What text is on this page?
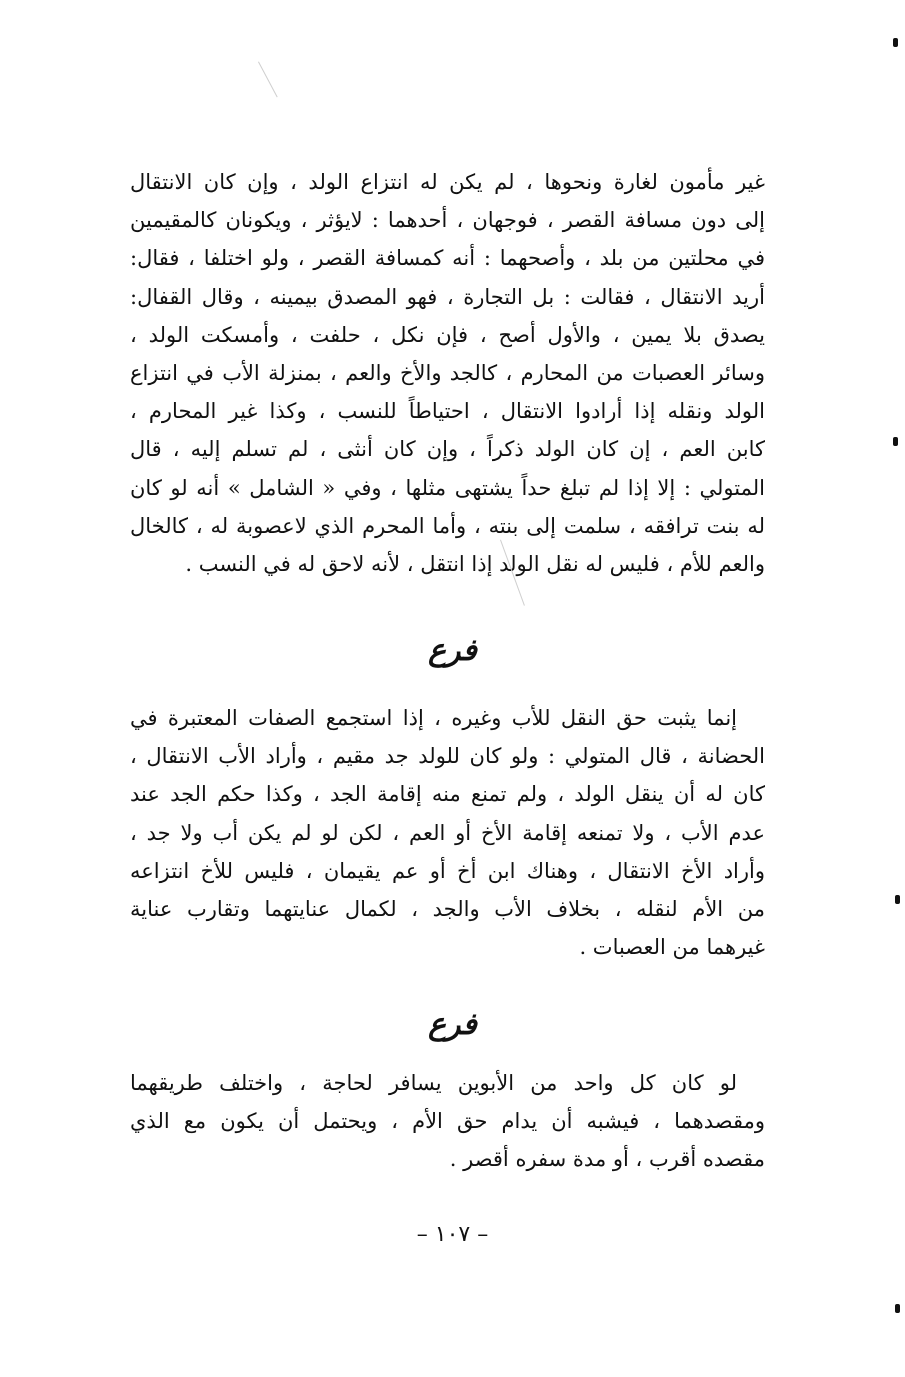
غير مأمون لغارة ونحوها ، لم يكن له انتزاع الولد ، وإن كان الانتقال
إلى دون مسافة القصر ، فوجهان ، أحدهما : لايؤثر ، ويكونان كالمقيمين
في محلتين من بلد ، وأصحهما : أنه كمسافة القصر ، ولو اختلفا ، فقال:
أريد الانتقال ، فقالت : بل التجارة ، فهو المصدق بيمينه ، وقال القفال:
يصدق بلا يمين ، والأول أصح ، فإن نكل ، حلفت ، وأمسكت الولد ،
وسائر العصبات من المحارم ، كالجد والأخ والعم ، بمنزلة الأب في انتزاع
الولد ونقله إذا أرادوا الانتقال ، احتياطاً للنسب ، وكذا غير المحارم ،
كابن العم ، إن كان الولد ذكراً ، وإن كان أنثى ، لم تسلم إليه ، قال
المتولي : إلا إذا لم تبلغ حداً يشتهى مثلها ، وفي « الشامل » أنه لو كان
له بنت ترافقه ، سلمت إلى بنته ، وأما المحرم الذي لاعصوبة له ، كالخال
والعم للأم ، فليس له نقل الولد إذا انتقل ، لأنه لاحق له في النسب .
فرع
إنما يثبت حق النقل للأب وغيره ، إذا استجمع الصفات المعتبرة في
الحضانة ، قال المتولي : ولو كان للولد جد مقيم ، وأراد الأب الانتقال ،
كان له أن ينقل الولد ، ولم تمنع منه إقامة الجد ، وكذا حكم الجد عند
عدم الأب ، ولا تمنعه إقامة الأخ أو العم ، لكن لو لم يكن أب ولا جد ،
وأراد الأخ الانتقال ، وهناك ابن أخ أو عم يقيمان ، فليس للأخ انتزاعه
من الأم لنقله ، بخلاف الأب والجد ، لكمال عنايتهما وتقارب عناية
غيرهما من العصبات .
فرع
لو كان كل واحد من الأبوين يسافر لحاجة ، واختلف طريقهما
ومقصدهما ، فيشبه أن يدام حق الأم ، ويحتمل أن يكون مع الذي
مقصده أقرب ، أو مدة سفره أقصر .
– ١٠٧ –
